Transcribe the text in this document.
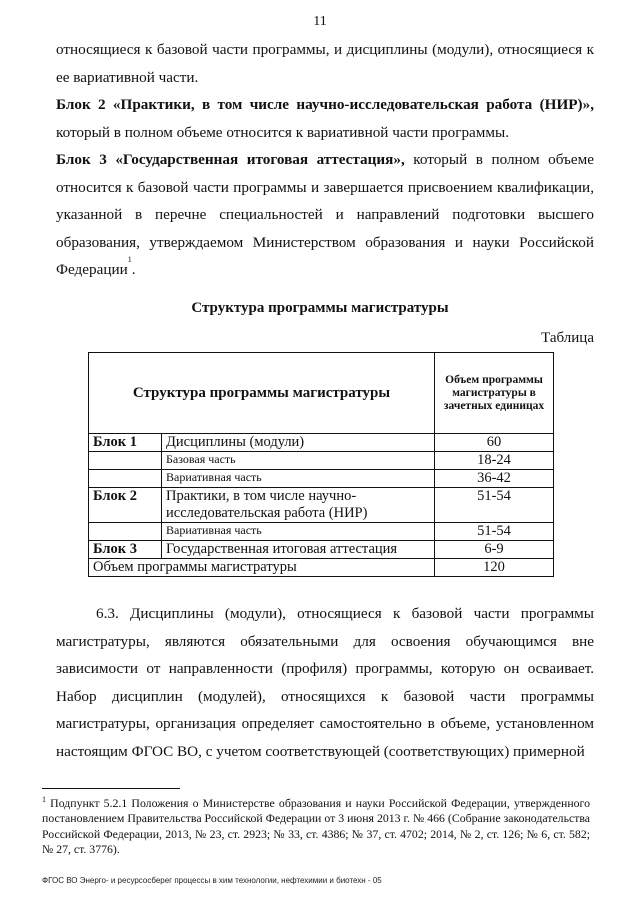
11

относящиеся к базовой части программы, и дисциплины (модули), относящиеся к ее вариативной части.

Блок 2 «Практики, в том числе научно-исследовательская работа (НИР)», который в полном объеме относится к вариативной части программы.

Блок 3 «Государственная итоговая аттестация», который в полном объеме относится к базовой части программы и завершается присвоением квалификации, указанной в перечне специальностей и направлений подготовки высшего образования, утверждаемом Министерством образования и науки Российской Федерации$^1$.

Структура программы магистратуры
Таблица
Структура программы магистратуры		Объем программы магистратуры в зачетных единицах
Блок 1	Дисциплины (модули)	60
	Базовая часть	18-24
	Вариативная часть	36-42
Блок 2	Практики, в том числе научно-исследовательская работа (НИР)	51-54
	Вариативная часть	51-54
Блок 3	Государственная итоговая аттестация	6-9
Объем программы магистратуры		120

6.3. Дисциплины (модули), относящиеся к базовой части программы магистратуры, являются обязательными для освоения обучающимся вне зависимости от направленности (профиля) программы, которую он осваивает. Набор дисциплин (модулей), относящихся к базовой части программы магистратуры, организация определяет самостоятельно в объеме, установленном настоящим ФГОС ВО, с учетом соответствующей (соответствующих) примерной

$^1$ Подпункт 5.2.1 Положения о Министерстве образования и науки Российской Федерации, утвержденного постановлением Правительства Российской Федерации от 3 июня 2013 г. № 466 (Собрание законодательства Российской Федерации, 2013, № 23, ст. 2923; № 33, ст. 4386; № 37, ст. 4702; 2014, № 2, ст. 126; № 6, ст. 582; № 27, ст. 3776).
ФГОС ВО Энерго- и ресурсосберег процессы в хим технологии, нефтехимии и биотехн - 05
